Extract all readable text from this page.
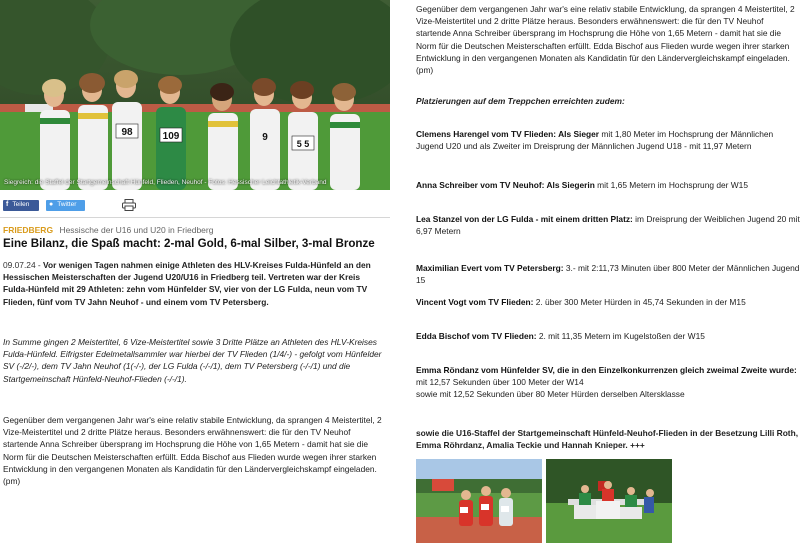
98	109	9
5 5
Siegreich: die Staffel der Startgemeinschaft Hünfeld, Flieden, Neuhof - Fotos: Hessischer Leichtathletik-Verband
f Teilen	● Twitter
FRIEDBERG Hessische der U16 und U20 in Friedberg
Eine Bilanz, die Spaß macht: 2-mal Gold, 6-mal Silber, 3-mal Bronze

09.07.24 - Vor wenigen Tagen nahmen einige Athleten des HLV-Kreises Fulda-Hünfeld an den Hessischen Meisterschaften der Jugend U20/U16 in Friedberg teil. Vertreten war der Kreis Fulda-Hünfeld mit 29 Athleten: zehn vom Hünfelder SV, vier von der LG Fulda, neun vom TV Flieden, fünf vom TV Jahn Neuhof - und einem vom TV Petersberg.

In Summe gingen 2 Meistertitel, 6 Vize-Meistertitel sowie 3 Dritte Plätze an Athleten des HLV-Kreises Fulda-Hünfeld. Eifrigster Edelmetallsammler war hierbei der TV Flieden (1/4/-) - gefolgt vom Hünfelder SV (-/2/-), dem TV Jahn Neuhof (1(-/-), der LG Fulda (-/-/1), dem TV Petersberg (-/-/1) und die Startgemeinschaft Hünfeld-Neuhof-Flieden (-/-/1).

Gegenüber dem vergangenen Jahr war's eine relativ stabile Entwicklung, da sprangen 4 Meistertitel, 2 Vize-Meistertitel und 2 dritte Plätze heraus. Besonders erwähnenswert: die für den TV Neuhof startende Anna Schreiber übersprang im Hochsprung die Höhe von 1,65 Metern - damit hat sie die Norm für die Deutschen Meisterschaften erfüllt. Edda Bischof aus Flieden wurde wegen ihrer starken Entwicklung in den vergangenen Monaten als Kandidatin für den Ländervergleichskampf eingeladen. (pm)

Gegenüber dem vergangenen Jahr war's eine relativ stabile Entwicklung, da sprangen 4 Meistertitel, 2 Vize-Meistertitel und 2 dritte Plätze heraus. Besonders erwähnenswert: die für den TV Neuhof startende Anna Schreiber übersprang im Hochsprung die Höhe von 1,65 Metern - damit hat sie die Norm für die Deutschen Meisterschaften erfüllt. Edda Bischof aus Flieden wurde wegen ihrer starken Entwicklung in den vergangenen Monaten als Kandidatin für den Ländervergleichskampf eingeladen. (pm)
Platzierungen auf dem Treppchen erreichten zudem:
Clemens Harengel vom TV Flieden: Als Sieger mit 1,80 Meter im Hochsprung der Männlichen Jugend U20 und als Zweiter im Dreisprung der Männlichen Jugend U18 - mit 11,97 Metern
Anna Schreiber vom TV Neuhof: Als Siegerin mit 1,65 Metern im Hochsprung der W15
Lea Stanzel von der LG Fulda - mit einem dritten Platz: im Dreisprung der Weiblichen Jugend 20 mit 6,97 Metern
Maximilian Evert vom TV Petersberg: 3.- mit 2:11,73 Minuten über 800 Meter der Männlichen Jugend 15
Vincent Vogt vom TV Flieden: 2. über 300 Meter Hürden in 45,74 Sekunden in der M15
Edda Bischof vom TV Flieden: 2. mit 11,35 Metern im Kugelstoßen der W15
Emma Röndanz vom Hünfelder SV, die in den Einzelkonkurrenzen gleich zweimal Zweite wurde:
mit 12,57 Sekunden über 100 Meter der W14
sowie mit 12,52 Sekunden über 80 Meter Hürden derselben Altersklasse
sowie die U16-Staffel der Startgemeinschaft Hünfeld-Neuhof-Flieden in der Besetzung Lilli Roth, Emma Röhrdanz, Amalia Teckie und Hannah Knieper. +++
